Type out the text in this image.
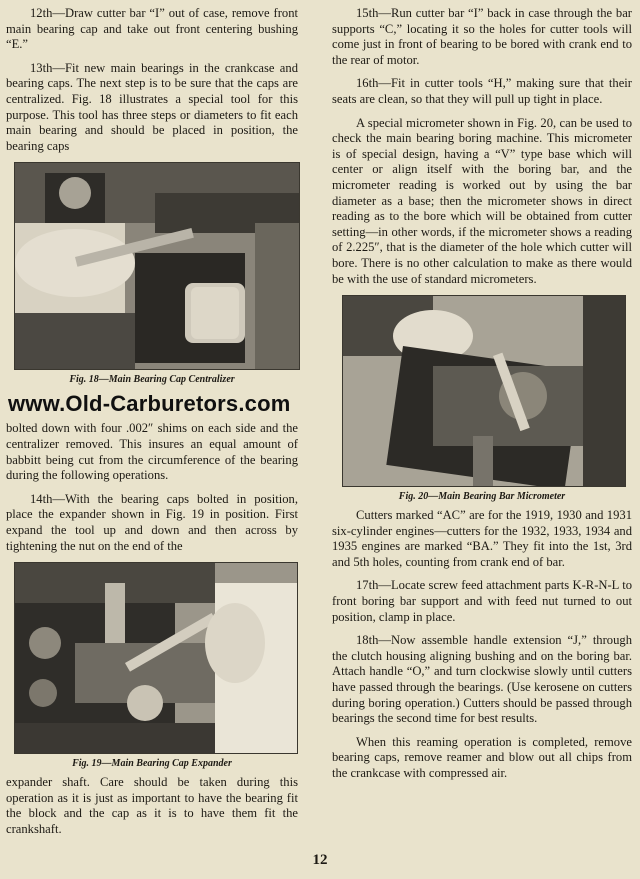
12th—Draw cutter bar “I” out of case, remove front main bearing cap and take out front centering bushing “E.”

13th—Fit new main bearings in the crankcase and bearing caps. The next step is to be sure that the caps are centralized. Fig. 18 illustrates a special tool for this purpose. This tool has three steps or diameters to fit each main bearing and should be placed in position, the bearing caps

Fig. 18—Main Bearing Cap Centralizer
www.Old-Carburetors.com

bolted down with four .002″ shims on each side and the centralizer removed. This insures an equal amount of babbitt being cut from the circumference of the bearing during the following operations.

14th—With the bearing caps bolted in position, place the expander shown in Fig. 19 in position. First expand the tool up and down and then across by tightening the nut on the end of the

Fig. 19—Main Bearing Cap Expander

expander shaft. Care should be taken during this operation as it is just as important to have the bearing fit the block and the cap as it is to have them fit the crankshaft.

15th—Run cutter bar “I” back in case through the bar supports “C,” locating it so the holes for cutter tools will come just in front of bearing to be bored with crank end to the rear of motor.

16th—Fit in cutter tools “H,” making sure that their seats are clean, so that they will pull up tight in place.

A special micrometer shown in Fig. 20, can be used to check the main bearing boring machine. This micrometer is of special design, having a “V” type base which will center or align itself with the boring bar, and the micrometer reading is worked out by using the bar diameter as a base; then the micrometer shows in direct reading as to the bore which will be obtained from cutter setting—in other words, if the micrometer shows a reading of 2.225″, that is the diameter of the hole which cutter will bore. There is no other calculation to make as there would be with the use of standard micrometers.

Fig. 20—Main Bearing Bar Micrometer

Cutters marked “AC” are for the 1919, 1930 and 1931 six-cylinder engines—cutters for the 1932, 1933, 1934 and 1935 engines are marked “BA.” They fit into the 1st, 3rd and 5th holes, counting from crank end of bar.

17th—Locate screw feed attachment parts K-R-N-L to front boring bar support and with feed nut turned to out position, clamp in place.

18th—Now assemble handle extension “J,” through the clutch housing aligning bushing and on the boring bar. Attach handle “O,” and turn clockwise slowly until cutters have passed through the bearings. (Use kerosene on cutters during boring operation.) Cutters should be passed through bearings the second time for best results.

When this reaming operation is completed, remove bearing caps, remove reamer and blow out all chips from the crankcase with compressed air.

12
